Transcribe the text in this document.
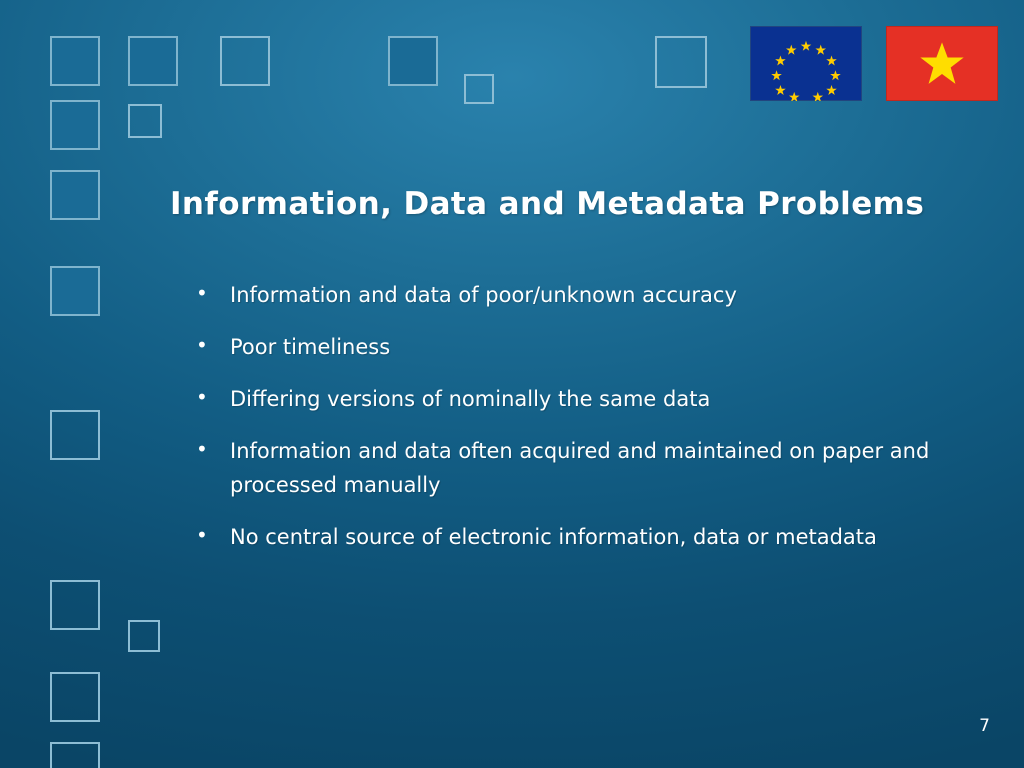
Information, Data and Metadata Problems
•	Information and data of poor/unknown accuracy
•	Poor timeliness
•	Differing versions of nominally the same data
•	Information and data often acquired and maintained on paper and processed manually
•	No central source of electronic information, data or metadata
7
